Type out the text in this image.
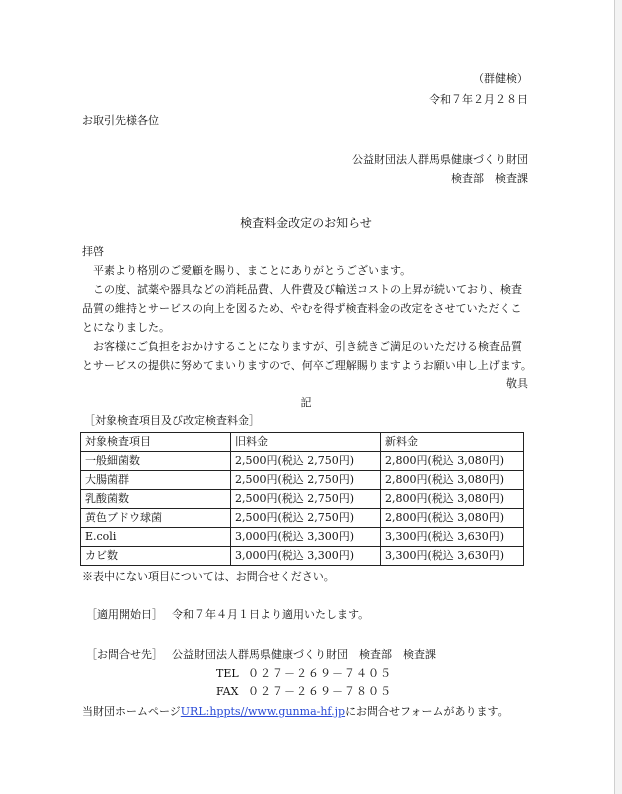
（群健検）
令和７年２月２８日
お取引先様各位
公益財団法人群馬県健康づくり財団
検査部　検査課
検査料金改定のお知らせ
拝啓
平素より格別のご愛顧を賜り、まことにありがとうございます。
この度、試薬や器具などの消耗品費、人件費及び輸送コストの上昇が続いており、検査
品質の維持とサービスの向上を図るため、やむを得ず検査料金の改定をさせていただくこ
とになりました。
お客様にご負担をおかけすることになりますが、引き続きご満足のいただける検査品質
とサービスの提供に努めてまいりますので、何卒ご理解賜りますようお願い申し上げます。
敬具
記
［対象検査項目及び改定検査料金］
対象検査項目	旧料金	新料金
一般細菌数	2,500円(税込 2,750円)	2,800円(税込 3,080円)
大腸菌群	2,500円(税込 2,750円)	2,800円(税込 3,080円)
乳酸菌数	2,500円(税込 2,750円)	2,800円(税込 3,080円)
黄色ブドウ球菌	2,500円(税込 2,750円)	2,800円(税込 3,080円)
E.coli	3,000円(税込 3,300円)	3,300円(税込 3,630円)
カビ数	3,000円(税込 3,300円)	3,300円(税込 3,630円)
※表中にない項目については、お問合せください。
［適用開始日］ 令和７年４月１日より適用いたします。
［お問合せ先］ 公益財団法人群馬県健康づくり財団　検査部　検査課
TEL ０２７－２６９－７４０５
FAX ０２７－２６９－７８０５
当財団ホームページURL:hppts//www.gunma-hf.jpにお問合せフォームがあります。
